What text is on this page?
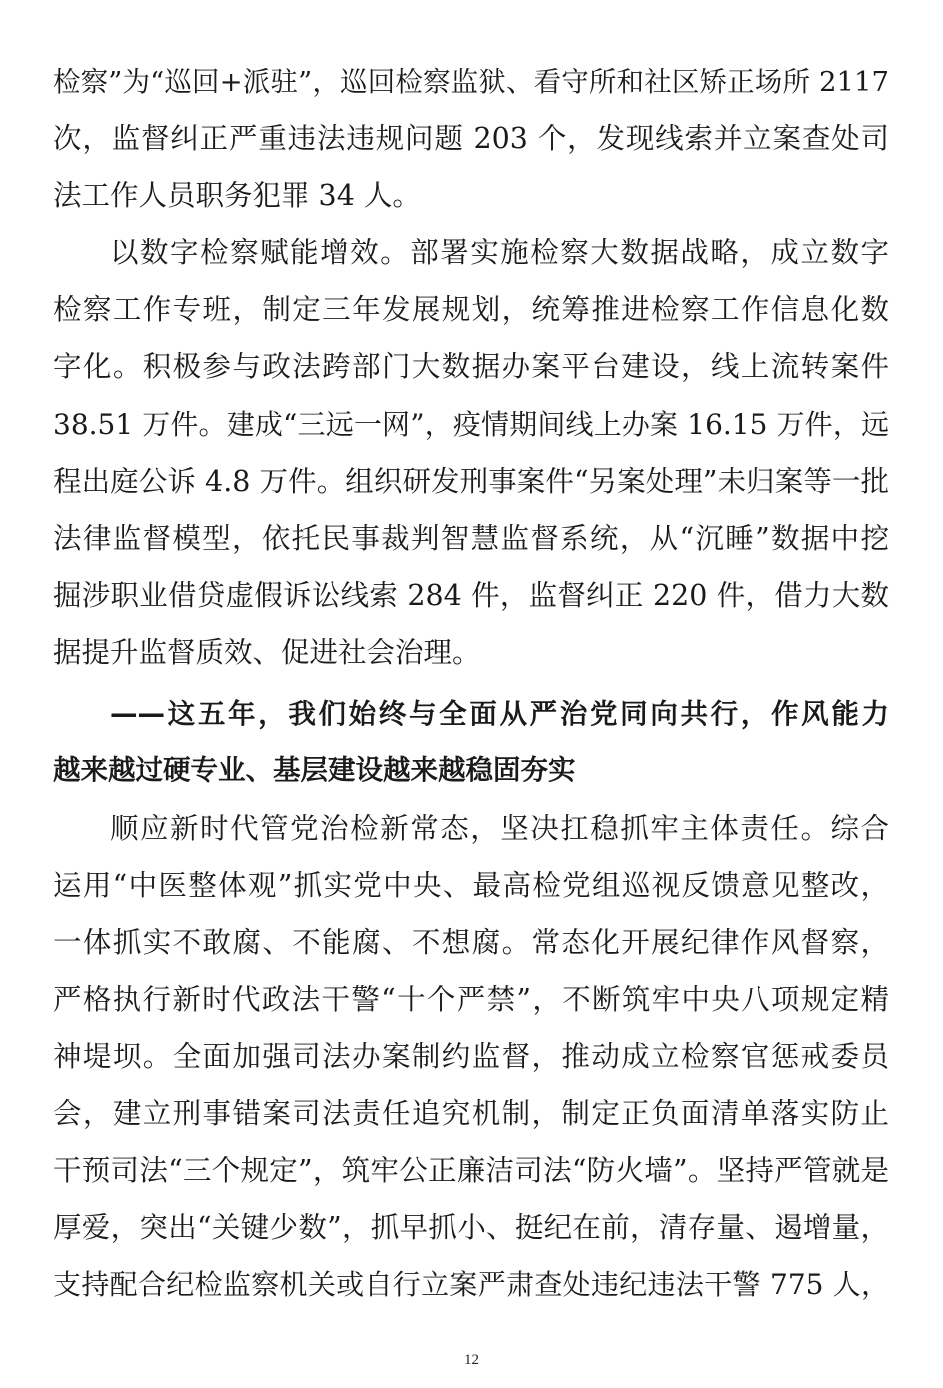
检察”为“巡回+派驻”，巡回检察监狱、看守所和社区矫正场所 2117
次，监督纠正严重违法违规问题 203 个，发现线索并立案查处司
法工作人员职务犯罪 34 人。
以数字检察赋能增效。部署实施检察大数据战略，成立数字
检察工作专班，制定三年发展规划，统筹推进检察工作信息化数
字化。积极参与政法跨部门大数据办案平台建设，线上流转案件
38.51 万件。建成“三远一网”，疫情期间线上办案 16.15 万件，远
程出庭公诉 4.8 万件。组织研发刑事案件“另案处理”未归案等一批
法律监督模型，依托民事裁判智慧监督系统，从“沉睡”数据中挖
掘涉职业借贷虚假诉讼线索 284 件，监督纠正 220 件，借力大数
据提升监督质效、促进社会治理。
——这五年，我们始终与全面从严治党同向共行，作风能力
越来越过硬专业、基层建设越来越稳固夯实
顺应新时代管党治检新常态，坚决扛稳抓牢主体责任。综合
运用“中医整体观”抓实党中央、最高检党组巡视反馈意见整改，
一体抓实不敢腐、不能腐、不想腐。常态化开展纪律作风督察，
严格执行新时代政法干警“十个严禁”，不断筑牢中央八项规定精
神堤坝。全面加强司法办案制约监督，推动成立检察官惩戒委员
会，建立刑事错案司法责任追究机制，制定正负面清单落实防止
干预司法“三个规定”，筑牢公正廉洁司法“防火墙”。坚持严管就是
厚爱，突出“关键少数”，抓早抓小、挺纪在前，清存量、遏增量，
支持配合纪检监察机关或自行立案严肃查处违纪违法干警 775 人，
12
